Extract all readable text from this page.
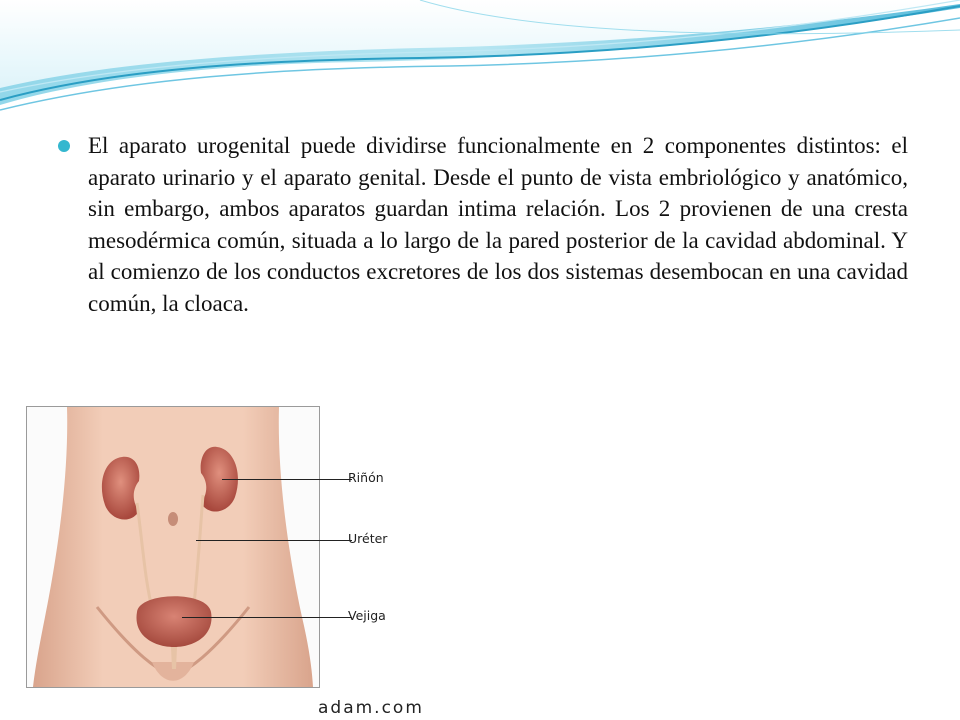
El aparato urogenital puede dividirse funcionalmente en 2 componentes distintos: el aparato urinario y el aparato genital. Desde el punto de vista embriológico y anatómico, sin embargo, ambos aparatos guardan intima relación. Los 2 provienen de una cresta mesodérmica común, situada a lo largo de la pared posterior de la cavidad abdominal. Y al comienzo de los conductos excretores de los dos sistemas desembocan en una cavidad común, la cloaca.

Riñón
Uréter
Vejiga
adam.com
